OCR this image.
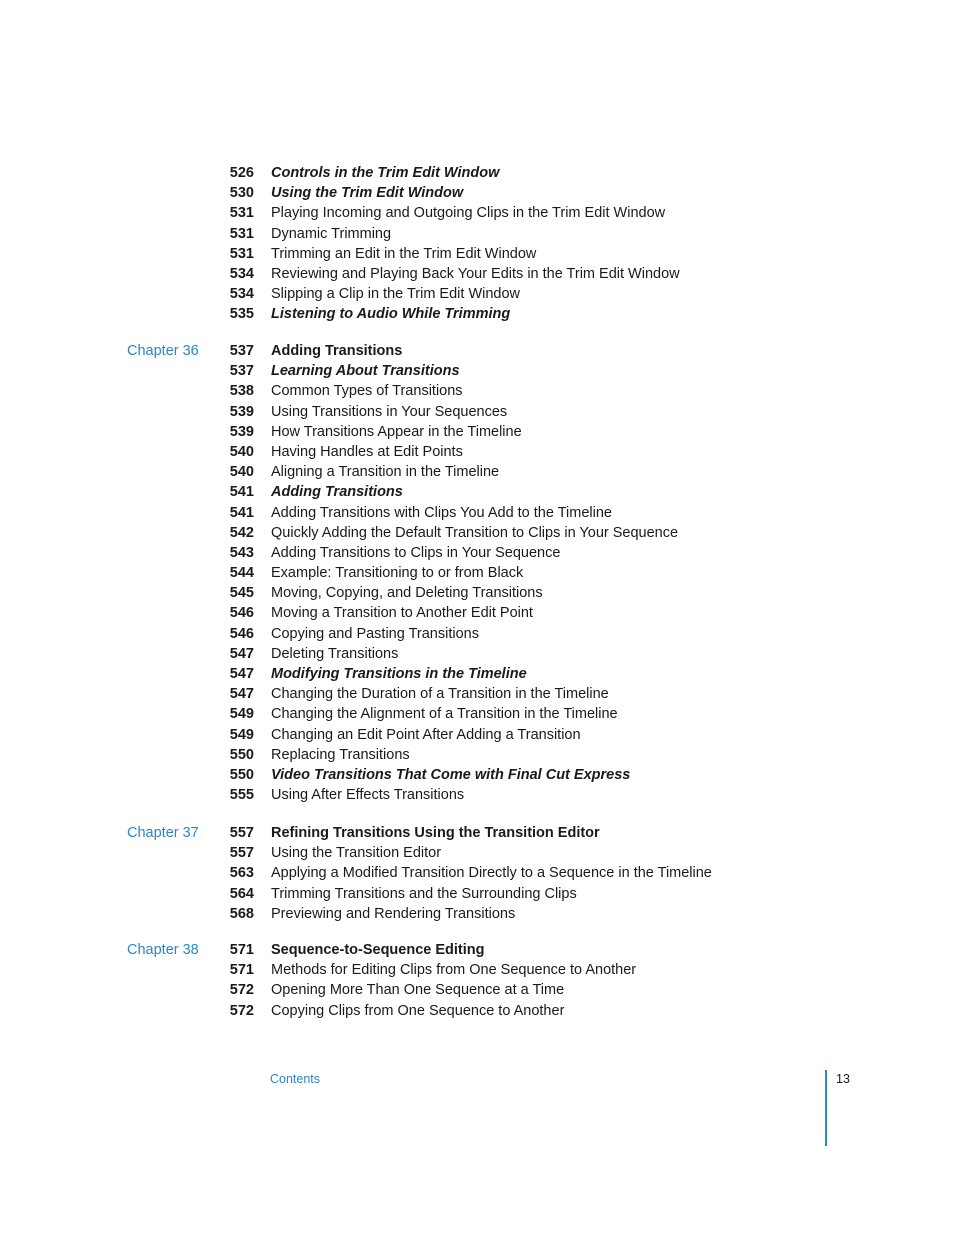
526 Controls in the Trim Edit Window
530 Using the Trim Edit Window
531 Playing Incoming and Outgoing Clips in the Trim Edit Window
531 Dynamic Trimming
531 Trimming an Edit in the Trim Edit Window
534 Reviewing and Playing Back Your Edits in the Trim Edit Window
534 Slipping a Clip in the Trim Edit Window
535 Listening to Audio While Trimming
Chapter 36	537 Adding Transitions
537 Learning About Transitions
538 Common Types of Transitions
539 Using Transitions in Your Sequences
539 How Transitions Appear in the Timeline
540 Having Handles at Edit Points
540 Aligning a Transition in the Timeline
541 Adding Transitions
541 Adding Transitions with Clips You Add to the Timeline
542 Quickly Adding the Default Transition to Clips in Your Sequence
543 Adding Transitions to Clips in Your Sequence
544 Example: Transitioning to or from Black
545 Moving, Copying, and Deleting Transitions
546 Moving a Transition to Another Edit Point
546 Copying and Pasting Transitions
547 Deleting Transitions
547 Modifying Transitions in the Timeline
547 Changing the Duration of a Transition in the Timeline
549 Changing the Alignment of a Transition in the Timeline
549 Changing an Edit Point After Adding a Transition
550 Replacing Transitions
550 Video Transitions That Come with Final Cut Express
555 Using After Effects Transitions
Chapter 37	557 Refining Transitions Using the Transition Editor
557 Using the Transition Editor
563 Applying a Modified Transition Directly to a Sequence in the Timeline
564 Trimming Transitions and the Surrounding Clips
568 Previewing and Rendering Transitions
Chapter 38	571 Sequence-to-Sequence Editing
571 Methods for Editing Clips from One Sequence to Another
572 Opening More Than One Sequence at a Time
572 Copying Clips from One Sequence to Another
Contents	13
